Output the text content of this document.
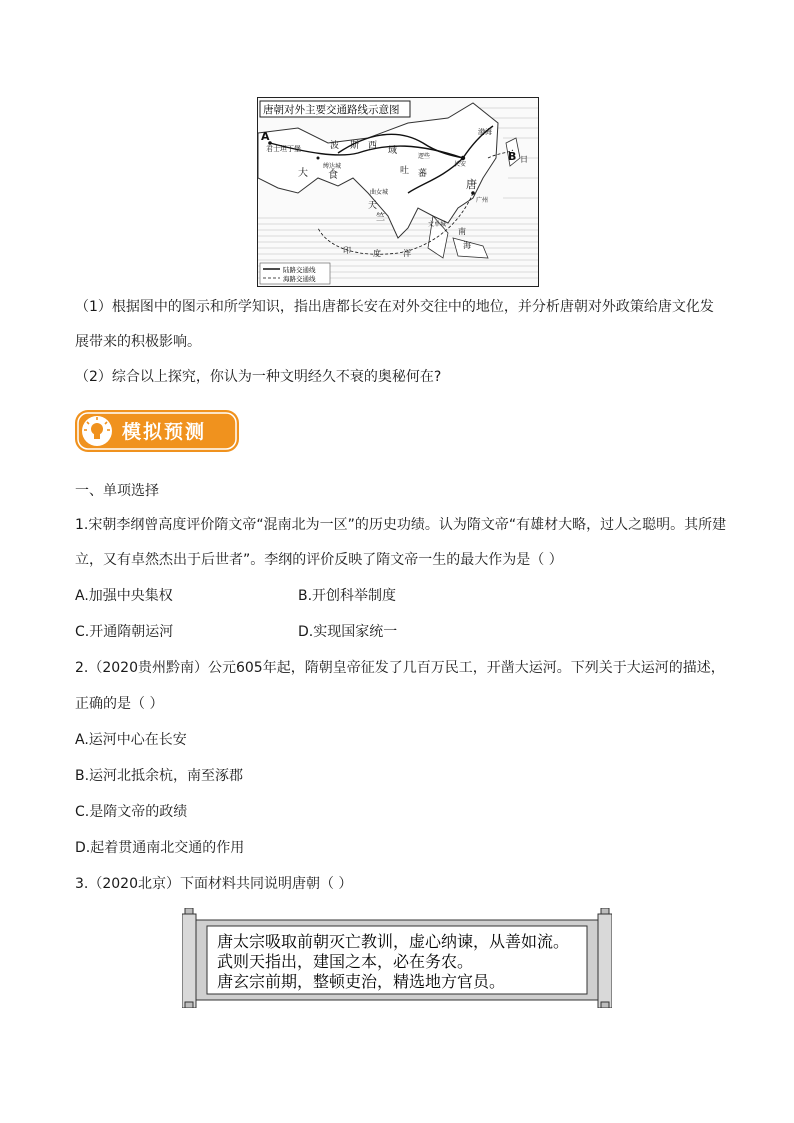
唐朝对外主要交通路线示意图
A
B
君士坦丁堡
缚达城
波 斯
大 食
西 域
吐 蕃
逻些
唐
长安
广州
天
竺
曲女城
文单城
渤海
日
南
海
印	度	洋
陆路交通线
海路交通线
（1）根据图中的图示和所学知识，指出唐都长安在对外交往中的地位，并分析唐朝对外政策给唐文化发
展带来的积极影响。
（2）综合以上探究，你认为一种文明经久不衰的奥秘何在?
模拟预测
一、单项选择
1.宋朝李纲曾高度评价隋文帝“混南北为一区”的历史功绩。认为隋文帝“有雄材大略，过人之聪明。其所建
立，又有卓然杰出于后世者”。李纲的评价反映了隋文帝一生的最大作为是（ ）
A.加强中央集权	B.开创科举制度
C.开通隋朝运河	D.实现国家统一
2.（2020贵州黔南）公元605年起，隋朝皇帝征发了几百万民工，开凿大运河。下列关于大运河的描述，
正确的是（ ）
A.运河中心在长安
B.运河北抵余杭，南至涿郡
C.是隋文帝的政绩
D.起着贯通南北交通的作用
3.（2020北京）下面材料共同说明唐朝（ ）
唐太宗吸取前朝灭亡教训，虚心纳谏，从善如流。
武则天指出，建国之本，必在务农。
唐玄宗前期，整顿吏治，精选地方官员。
